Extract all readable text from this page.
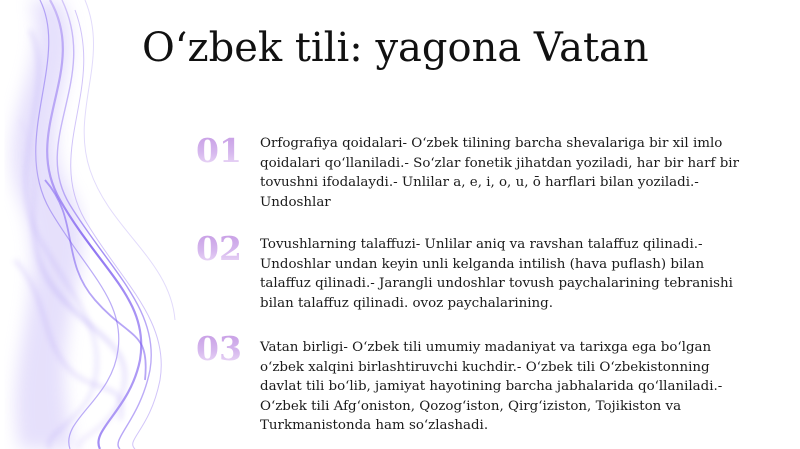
O‘zbek tili: yagona Vatan
01	Orfografiya qoidalari- O‘zbek tilining barcha shevalariga bir xil imlo qoidalari qo‘llaniladi.- So‘zlar fonetik jihatdan yoziladi, har bir harf bir tovushni ifodalaydi.- Unlilar a, e, i, o, u, ō harflari bilan yoziladi.- Undoshlar
02	Tovushlarning talaffuzi- Unlilar aniq va ravshan talaffuz qilinadi.- Undoshlar undan keyin unli kelganda intilish (hava puflash) bilan talaffuz qilinadi.- Jarangli undoshlar tovush paychalarining tebranishi bilan talaffuz qilinadi. ovoz paychalarining.
03	Vatan birligi- O‘zbek tili umumiy madaniyat va tarixga ega bo‘lgan o‘zbek xalqini birlashtiruvchi kuchdir.- O‘zbek tili O‘zbekistonning davlat tili bo‘lib, jamiyat hayotining barcha jabhalarida qo‘llaniladi.- O‘zbek tili Afg‘oniston, Qozog‘iston, Qirg‘iziston, Tojikiston va Turkmanistonda ham so‘zlashadi.
